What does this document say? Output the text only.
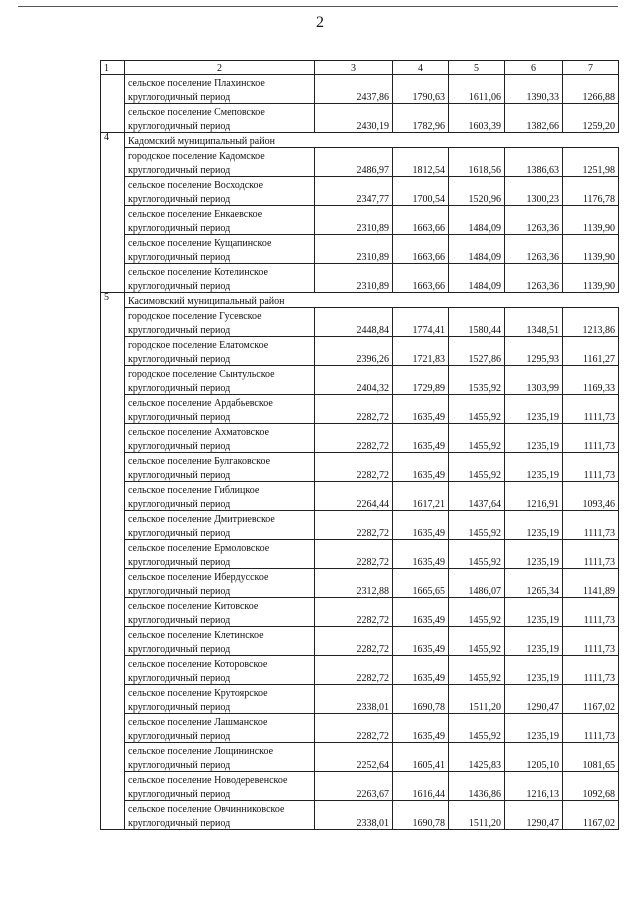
2
1	2	3	4	5	6	7
	сельское поселение Плахинское					
	круглогодичный период	2437,86	1790,63	1611,06	1390,33	1266,88
	сельское поселение Смеповское					
	круглогодичный период	2430,19	1782,96	1603,39	1382,66	1259,20
4	Кадомский муниципальный район					
	городское поселение Кадомское					
	круглогодичный период	2486,97	1812,54	1618,56	1386,63	1251,98
	сельское поселение Восходское					
	круглогодичный период	2347,77	1700,54	1520,96	1300,23	1176,78
	сельское поселение Енкаевское					
	круглогодичный период	2310,89	1663,66	1484,09	1263,36	1139,90
	сельское поселение Кущапинское					
	круглогодичный период	2310,89	1663,66	1484,09	1263,36	1139,90
	сельское поселение Котелинское					
	круглогодичный период	2310,89	1663,66	1484,09	1263,36	1139,90
5	Касимовский муниципальный район					
	городское поселение Гусевское					
	круглогодичный период	2448,84	1774,41	1580,44	1348,51	1213,86
	городское поселение Елатомское					
	круглогодичный период	2396,26	1721,83	1527,86	1295,93	1161,27
	городское поселение Сынтульское					
	круглогодичный период	2404,32	1729,89	1535,92	1303,99	1169,33
	сельское поселение Ардабьевское					
	круглогодичный период	2282,72	1635,49	1455,92	1235,19	1111,73
	сельское поселение Ахматовское					
	круглогодичный период	2282,72	1635,49	1455,92	1235,19	1111,73
	сельское поселение Булгаковское					
	круглогодичный период	2282,72	1635,49	1455,92	1235,19	1111,73
	сельское поселение Гиблицкое					
	круглогодичный период	2264,44	1617,21	1437,64	1216,91	1093,46
	сельское поселение Дмитриевское					
	круглогодичный период	2282,72	1635,49	1455,92	1235,19	1111,73
	сельское поселение Ермоловское					
	круглогодичный период	2282,72	1635,49	1455,92	1235,19	1111,73
	сельское поселение Ибердусское					
	круглогодичный период	2312,88	1665,65	1486,07	1265,34	1141,89
	сельское поселение Китовское					
	круглогодичный период	2282,72	1635,49	1455,92	1235,19	1111,73
	сельское поселение Клетинское					
	круглогодичный период	2282,72	1635,49	1455,92	1235,19	1111,73
	сельское поселение Которовское					
	круглогодичный период	2282,72	1635,49	1455,92	1235,19	1111,73
	сельское поселение Крутоярское					
	круглогодичный период	2338,01	1690,78	1511,20	1290,47	1167,02
	сельское поселение Лашманское					
	круглогодичный период	2282,72	1635,49	1455,92	1235,19	1111,73
	сельское поселение Лощининское					
	круглогодичный период	2252,64	1605,41	1425,83	1205,10	1081,65
	сельское поселение Новодеревенское					
	круглогодичный период	2263,67	1616,44	1436,86	1216,13	1092,68
	сельское поселение Овчинниковское					
	круглогодичный период	2338,01	1690,78	1511,20	1290,47	1167,02
